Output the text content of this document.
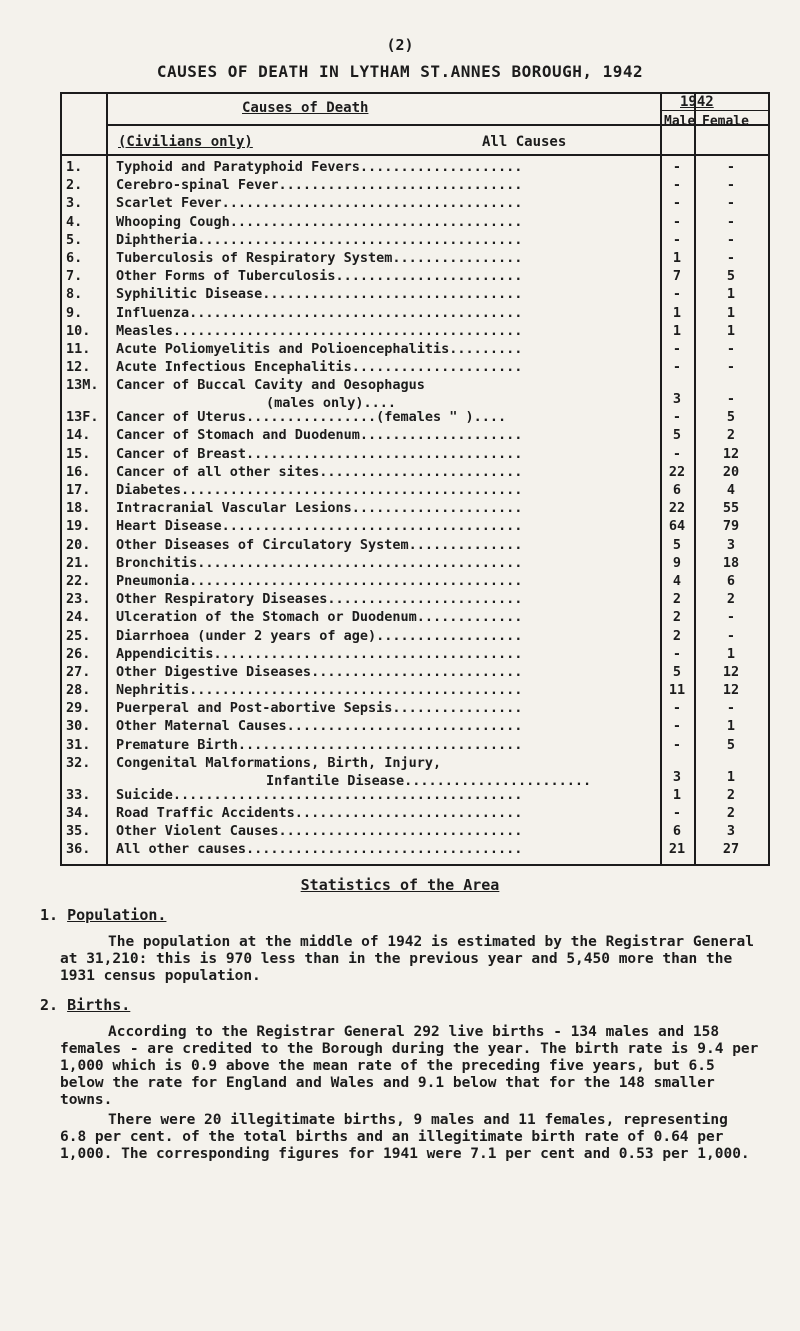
(2)
CAUSES OF DEATH IN LYTHAM ST.ANNES BOROUGH, 1942
Causes of Death
(Civilians only)	All Causes
1942
Male Female
1.	Typhoid and Paratyphoid Fevers....................	-	-
2.	Cerebro-spinal Fever..............................	-	-
3.	Scarlet Fever.....................................	-	-
4.	Whooping Cough....................................	-	-
5.	Diphtheria........................................	-	-
6.	Tuberculosis of Respiratory System................	1	-
7.	Other Forms of Tuberculosis.......................	7	5
8.	Syphilitic Disease................................	-	1
9.	Influenza.........................................	1	1
10.	Measles...........................................	1	1
11.	Acute Poliomyelitis and Polioencephalitis.........	-	-
12.	Acute Infectious Encephalitis.....................	-	-
13M.	Cancer of Buccal Cavity and Oesophagus
(males only)....	3	-
13F.	Cancer of Uterus................(females " )....	-	5
14.	Cancer of Stomach and Duodenum....................	5	2
15.	Cancer of Breast..................................	-	12
16.	Cancer of all other sites.........................	22	20
17.	Diabetes..........................................	6	4
18.	Intracranial Vascular Lesions.....................	22	55
19.	Heart Disease.....................................	64	79
20.	Other Diseases of Circulatory System..............	5	3
21.	Bronchitis........................................	9	18
22.	Pneumonia.........................................	4	6
23.	Other Respiratory Diseases........................	2	2
24.	Ulceration of the Stomach or Duodenum.............	2	-
25.	Diarrhoea (under 2 years of age)..................	2	-
26.	Appendicitis......................................	-	1
27.	Other Digestive Diseases..........................	5	12
28.	Nephritis.........................................	11	12
29.	Puerperal and Post-abortive Sepsis................	-	-
30.	Other Maternal Causes.............................	-	1
31.	Premature Birth...................................	-	5
32.	Congenital Malformations, Birth, Injury,
Infantile Disease.......................	3	1
33.	Suicide...........................................	1	2
34.	Road Traffic Accidents............................	-	2
35.	Other Violent Causes..............................	6	3
36.	All other causes..................................	21	27
Statistics of the Area
1. Population.
The population at the middle of 1942 is estimated by the Registrar General at 31,210: this is 970 less than in the previous year and 5,450 more than the 1931 census population.
2. Births.
According to the Registrar General 292 live births - 134 males and 158 females - are credited to the Borough during the year. The birth rate is 9.4 per 1,000 which is 0.9 above the mean rate of the preceding five years, but 6.5 below the rate for England and Wales and 9.1 below that for the 148 smaller towns.
There were 20 illegitimate births, 9 males and 11 females, representing 6.8 per cent. of the total births and an illegitimate birth rate of 0.64 per 1,000. The corresponding figures for 1941 were 7.1 per cent and 0.53 per 1,000.
